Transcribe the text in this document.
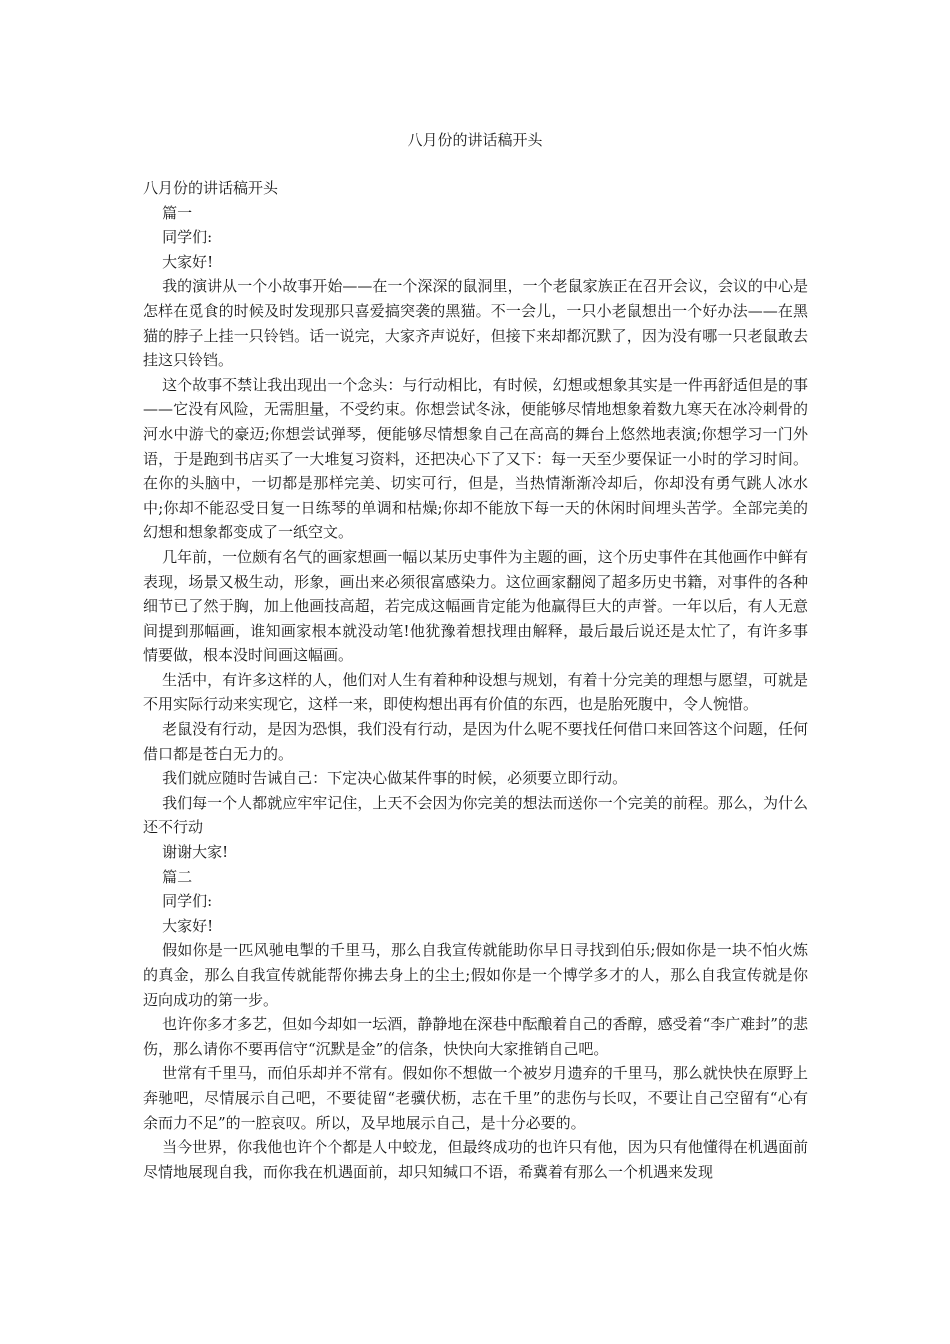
八月份的讲话稿开头

八月份的讲话稿开头

篇一

同学们:

大家好!

我的演讲从一个小故事开始——在一个深深的鼠洞里，一个老鼠家族正在召开会议，会议的中心是怎样在觅食的时候及时发现那只喜爱搞突袭的黑猫。不一会儿，一只小老鼠想出一个好办法——在黑猫的脖子上挂一只铃铛。话一说完，大家齐声说好，但接下来却都沉默了，因为没有哪一只老鼠敢去挂这只铃铛。

这个故事不禁让我出现出一个念头：与行动相比，有时候，幻想或想象其实是一件再舒适但是的事——它没有风险，无需胆量，不受约束。你想尝试冬泳，便能够尽情地想象着数九寒天在冰冷刺骨的河水中游弋的豪迈;你想尝试弹琴，便能够尽情想象自己在高高的舞台上悠然地表演;你想学习一门外语，于是跑到书店买了一大堆复习资料，还把决心下了又下：每一天至少要保证一小时的学习时间。在你的头脑中，一切都是那样完美、切实可行，但是，当热情渐渐冷却后，你却没有勇气跳人冰水中;你却不能忍受日复一日练琴的单调和枯燥;你却不能放下每一天的休闲时间埋头苦学。全部完美的幻想和想象都变成了一纸空文。

几年前，一位颇有名气的画家想画一幅以某历史事件为主题的画，这个历史事件在其他画作中鲜有表现，场景又极生动，形象，画出来必须很富感染力。这位画家翻阅了超多历史书籍，对事件的各种细节已了然于胸，加上他画技高超，若完成这幅画肯定能为他赢得巨大的声誉。一年以后，有人无意间提到那幅画，谁知画家根本就没动笔!他犹豫着想找理由解释，最后最后说还是太忙了，有许多事情要做，根本没时间画这幅画。

生活中，有许多这样的人，他们对人生有着种种设想与规划，有着十分完美的理想与愿望，可就是不用实际行动来实现它，这样一来，即使构想出再有价值的东西，也是胎死腹中，令人惋惜。

老鼠没有行动，是因为恐惧，我们没有行动，是因为什么呢不要找任何借口来回答这个问题，任何借口都是苍白无力的。

我们就应随时告诫自己：下定决心做某件事的时候，必须要立即行动。

我们每一个人都就应牢牢记住，上天不会因为你完美的想法而送你一个完美的前程。那么，为什么还不行动

谢谢大家!

篇二

同学们:

大家好!

假如你是一匹风驰电掣的千里马，那么自我宣传就能助你早日寻找到伯乐;假如你是一块不怕火炼的真金，那么自我宣传就能帮你拂去身上的尘土;假如你是一个博学多才的人，那么自我宣传就是你迈向成功的第一步。

也许你多才多艺，但如今却如一坛酒，静静地在深巷中酝酿着自己的香醇，感受着“李广难封”的悲伤，那么请你不要再信守“沉默是金”的信条，快快向大家推销自己吧。

世常有千里马，而伯乐却并不常有。假如你不想做一个被岁月遗弃的千里马，那么就快快在原野上奔驰吧，尽情展示自己吧，不要徒留“老骥伏枥，志在千里”的悲伤与长叹，不要让自己空留有“心有余而力不足”的一腔哀叹。所以，及早地展示自己，是十分必要的。

当今世界，你我他也许个个都是人中蛟龙，但最终成功的也许只有他，因为只有他懂得在机遇面前尽情地展现自我，而你我在机遇面前，却只知缄口不语，希冀着有那么一个机遇来发现
